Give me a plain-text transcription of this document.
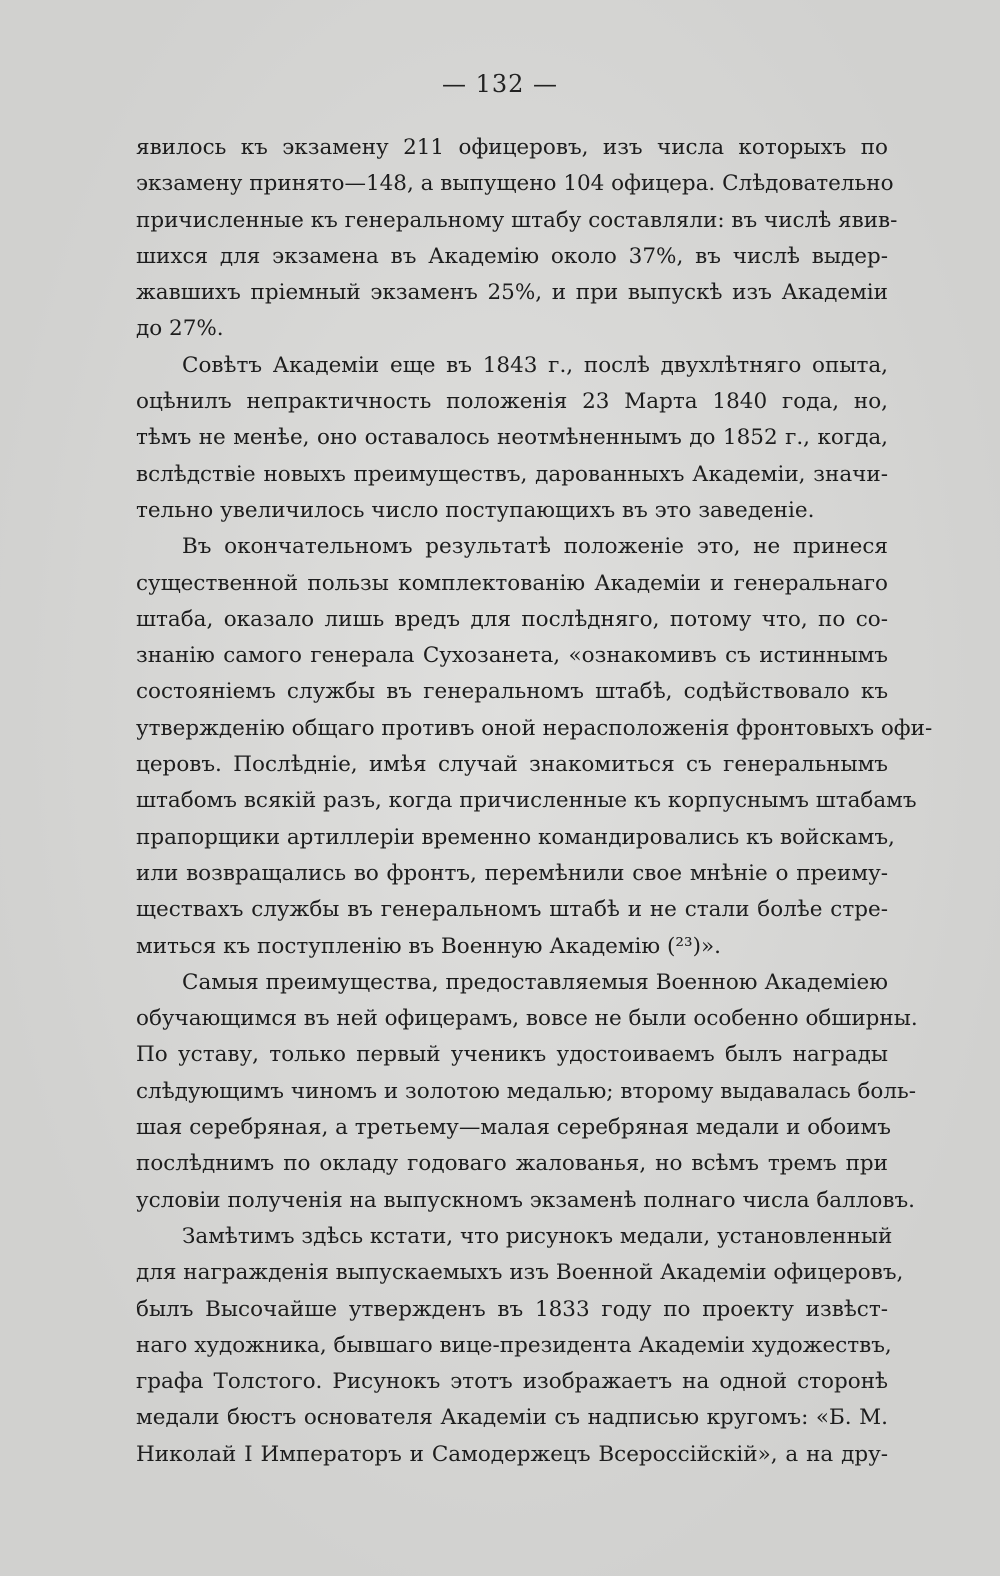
— 132 —
явилось къ экзамену 211 офицеровъ, изъ числа которыхъ по
экзамену принято—148, а выпущено 104 офицера. Слѣдовательно
причисленные къ генеральному штабу составляли: въ числѣ явив-
шихся для экзамена въ Академiю около 37%, въ числѣ выдер-
жавшихъ прiемный экзаменъ 25%, и при выпускѣ изъ Академiи
до 27%.
Совѣтъ Академiи еще въ 1843 г., послѣ двухлѣтняго опыта,
оцѣнилъ непрактичность положенiя 23 Марта 1840 года, но,
тѣмъ не менѣе, оно оставалось неотмѣненнымъ до 1852 г., когда,
вслѣдствiе новыхъ преимуществъ, дарованныхъ Академiи, значи-
тельно увеличилось число поступающихъ въ это заведенiе.
Въ окончательномъ результатѣ положенiе это, не принеся
существенной пользы комплектованiю Академiи и генеральнаго
штаба, оказало лишь вредъ для послѣдняго, потому что, по со-
знанiю самого генерала Сухозанета, «ознакомивъ съ истиннымъ
состоянiемъ службы въ генеральномъ штабѣ, содѣйствовало къ
утвержденiю общаго противъ оной нерасположенiя фронтовыхъ офи-
церовъ. Послѣднiе, имѣя случай знакомиться съ генеральнымъ
штабомъ всякiй разъ, когда причисленные къ корпуснымъ штабамъ
прапорщики артиллерiи временно командировались къ войскамъ,
или возвращались во фронтъ, перемѣнили свое мнѣнiе о преиму-
ществахъ службы въ генеральномъ штабѣ и не стали болѣе стре-
миться къ поступленiю въ Военную Академiю (²³)».
Самыя преимущества, предоставляемыя Военною Академiею
обучающимся въ ней офицерамъ, вовсе не были особенно обширны.
По уставу, только первый ученикъ удостоиваемъ былъ награды
слѣдующимъ чиномъ и золотою медалью; второму выдавалась боль-
шая серебряная, а третьему—малая серебряная медали и обоимъ
послѣднимъ по окладу годоваго жалованья, но всѣмъ тремъ при
условiи полученiя на выпускномъ экзаменѣ полнаго числа балловъ.
Замѣтимъ здѣсь кстати, что рисунокъ медали, установленный
для награжденiя выпускаемыхъ изъ Военной Академiи офицеровъ,
былъ Высочайше утвержденъ въ 1833 году по проекту извѣст-
наго художника, бывшаго вице-президента Академiи художествъ,
графа Толстого. Рисунокъ этотъ изображаетъ на одной сторонѣ
медали бюстъ основателя Академiи съ надписью кругомъ: «Б. М.
Николай I Императоръ и Самодержецъ Всероссiйскiй», а на дру-
